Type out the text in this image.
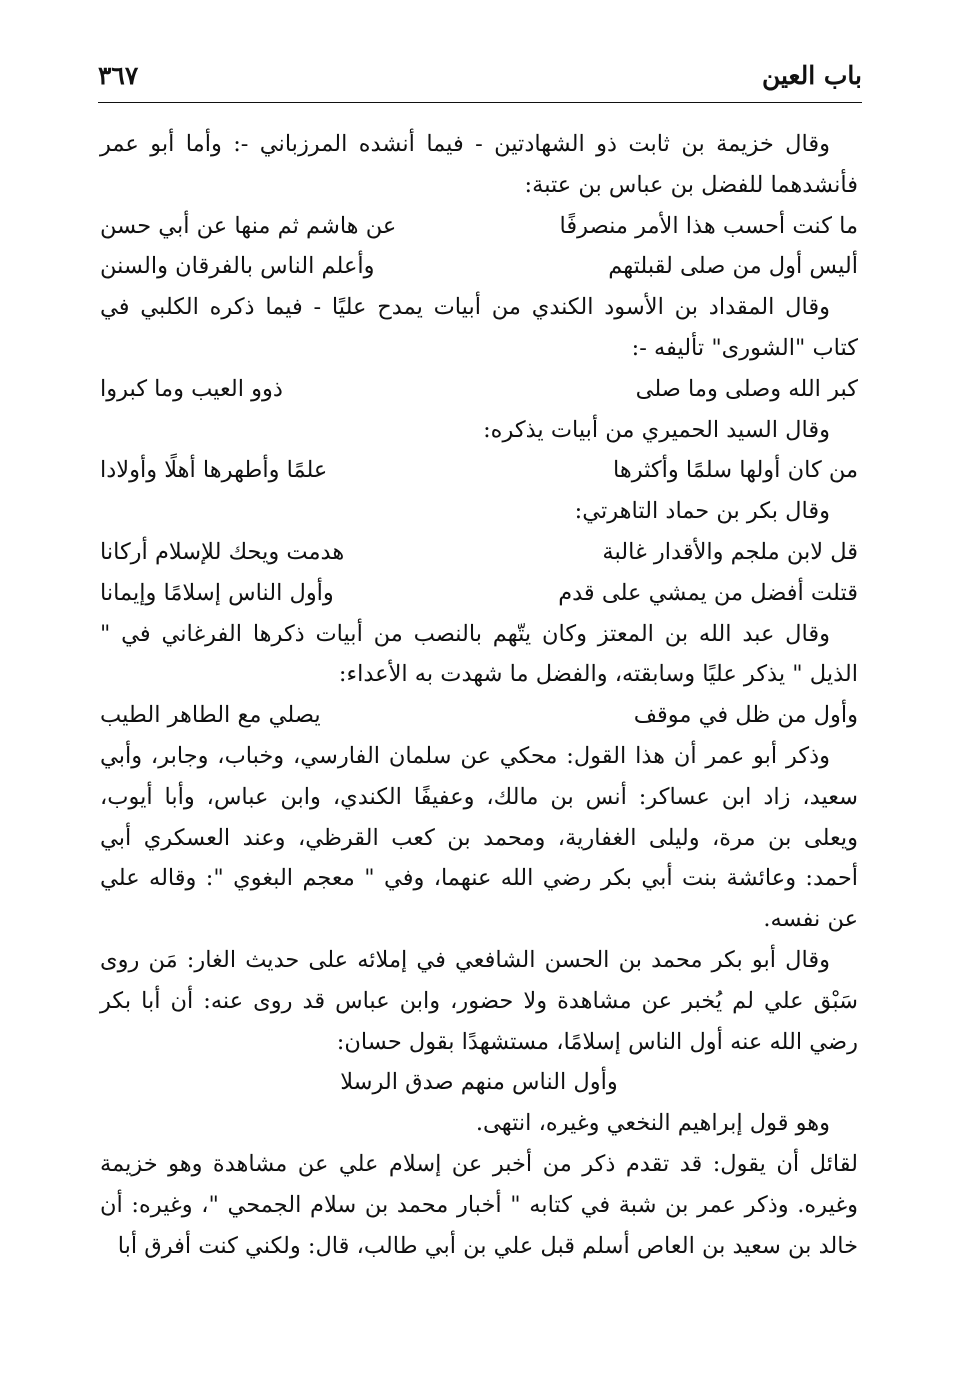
باب العين
٣٦٧

وقال خزيمة بن ثابت ذو الشهادتين - فيما أنشده المرزباني -: وأما أبو عمر فأنشدهما للفضل بن عباس بن عتبة:

ما كنت أحسب هذا الأمر منصرفًا
عن هاشم ثم منها عن أبي حسن
أليس أول من صلى لقبلتهم
وأعلم الناس بالفرقان والسنن

وقال المقداد بن الأسود الكندي من أبيات يمدح عليًا - فيما ذكره الكلبي في كتاب "الشورى" تأليفه -:

كبر الله وصلى وما صلى
ذوو العيب وما كبروا

وقال السيد الحميري من أبيات يذكره:

من كان أولها سلمًا وأكثرها
علمًا وأطهرها أهلًا وأولادا

وقال بكر بن حماد التاهرتي:

قل لابن ملجم والأقدار غالبة
هدمت ويحك للإسلام أركانا
قتلت أفضل من يمشي على قدم
وأول الناس إسلامًا وإيمانا

وقال عبد الله بن المعتز وكان يتّهم بالنصب من أبيات ذكرها الفرغاني في " الذيل " يذكر عليًا وسابقته، والفضل ما شهدت به الأعداء:

وأول من ظل في موقف
يصلي مع الطاهر الطيب

وذكر أبو عمر أن هذا القول: محكي عن سلمان الفارسي، وخباب، وجابر، وأبي سعيد، زاد ابن عساكر: أنس بن مالك، وعفيفًا الكندي، وابن عباس، وأبا أيوب، ويعلى بن مرة، وليلى الغفارية، ومحمد بن كعب القرظي، وعند العسكري أبي أحمد: وعائشة بنت أبي بكر رضي الله عنهما، وفي " معجم البغوي ": وقاله علي عن نفسه.

وقال أبو بكر محمد بن الحسن الشافعي في إملائه على حديث الغار: مَن روى سَبْق علي لم يُخبر عن مشاهدة ولا حضور، وابن عباس قد روى عنه: أن أبا بكر رضي الله عنه أول الناس إسلامًا، مستشهدًا بقول حسان:

وأول الناس منهم صدق الرسلا

وهو قول إبراهيم النخعي وغيره، انتهى.

لقائل أن يقول: قد تقدم ذكر من أخبر عن إسلام علي عن مشاهدة وهو خزيمة وغيره. وذكر عمر بن شبة في كتابه " أخبار محمد بن سلام الجمحي "، وغيره: أن خالد بن سعيد بن العاص أسلم قبل علي بن أبي طالب، قال: ولكني كنت أفرق أبا
